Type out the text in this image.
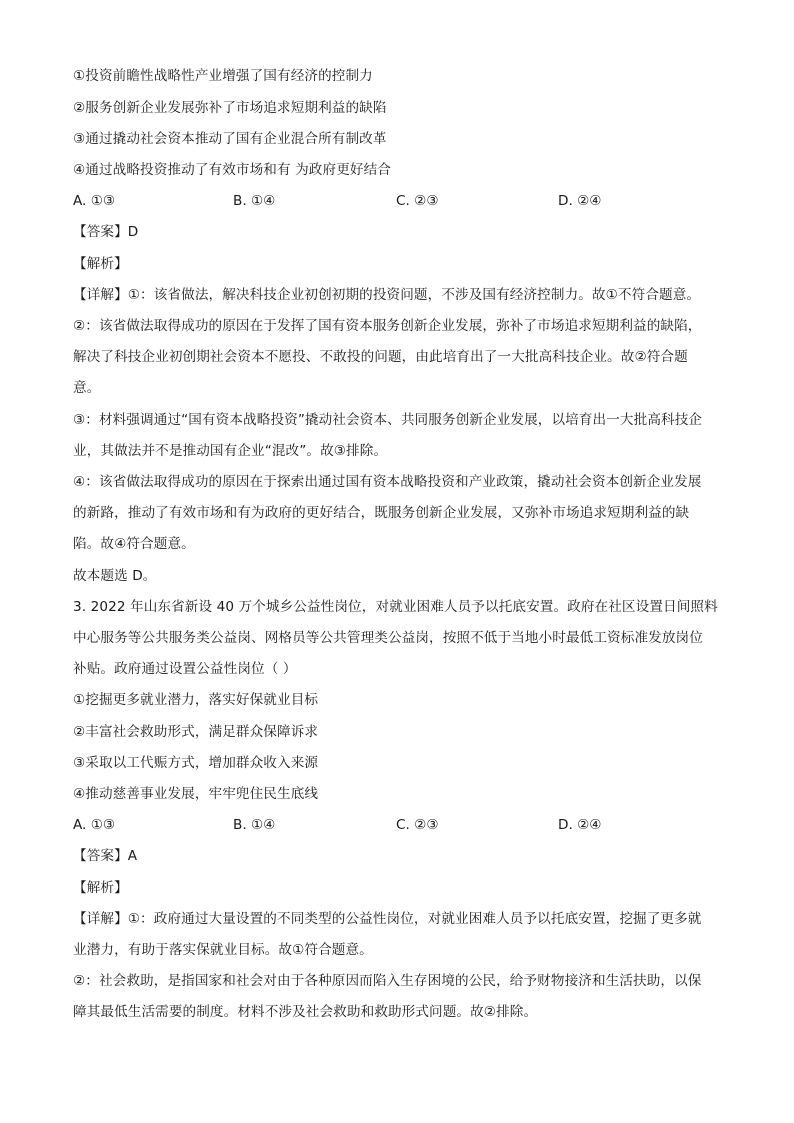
①投资前瞻性战略性产业增强了国有经济的控制力
②服务创新企业发展弥补了市场追求短期利益的缺陷
③通过撬动社会资本推动了国有企业混合所有制改革
④通过战略投资推动了有效市场和有 为政府更好结合
A. ①③	B. ①④	C. ②③	D. ②④
【答案】D
【解析】
【详解】①：该省做法，解决科技企业初创初期的投资问题，不涉及国有经济控制力。故①不符合题意。
②：该省做法取得成功的原因在于发挥了国有资本服务创新企业发展，弥补了市场追求短期利益的缺陷，
解决了科技企业初创期社会资本不愿投、不敢投的问题，由此培育出了一大批高科技企业。故②符合题
意。
③：材料强调通过“国有资本战略投资”撬动社会资本、共同服务创新企业发展，以培育出一大批高科技企
业，其做法并不是推动国有企业“混改”。故③排除。
④：该省做法取得成功的原因在于探索出通过国有资本战略投资和产业政策，撬动社会资本创新企业发展
的新路，推动了有效市场和有为政府的更好结合，既服务创新企业发展，又弥补市场追求短期利益的缺
陷。故④符合题意。
故本题选 D。
3. 2022 年山东省新设 40 万个城乡公益性岗位，对就业困难人员予以托底安置。政府在社区设置日间照料
中心服务等公共服务类公益岗、网格员等公共管理类公益岗，按照不低于当地小时最低工资标准发放岗位
补贴。政府通过设置公益性岗位（ ）
①挖掘更多就业潜力，落实好保就业目标
②丰富社会救助形式，满足群众保障诉求
③采取以工代赈方式，增加群众收入来源
④推动慈善事业发展，牢牢兜住民生底线
A. ①③	B. ①④	C. ②③	D. ②④
【答案】A
【解析】
【详解】①：政府通过大量设置的不同类型的公益性岗位，对就业困难人员予以托底安置，挖掘了更多就
业潜力，有助于落实保就业目标。故①符合题意。
②：社会救助，是指国家和社会对由于各种原因而陷入生存困境的公民，给予财物接济和生活扶助，以保
障其最低生活需要的制度。材料不涉及社会救助和救助形式问题。故②排除。
